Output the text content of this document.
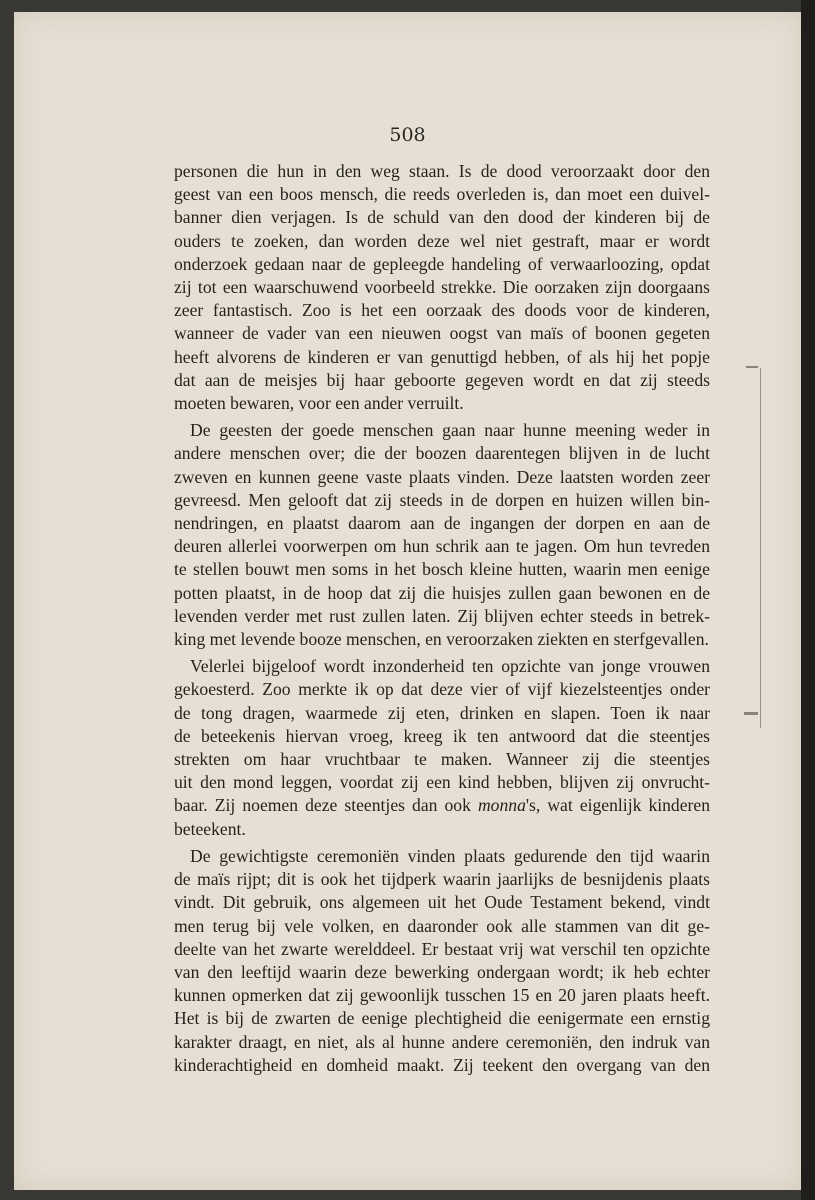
508

personen die hun in den weg staan. Is de dood veroorzaakt door den
geest van een boos mensch, die reeds overleden is, dan moet een duivel-
banner dien verjagen. Is de schuld van den dood der kinderen bij de
ouders te zoeken, dan worden deze wel niet gestraft, maar er wordt
onderzoek gedaan naar de gepleegde handeling of verwaarloozing, opdat
zij tot een waarschuwend voorbeeld strekke. Die oorzaken zijn doorgaans
zeer fantastisch. Zoo is het een oorzaak des doods voor de kinderen,
wanneer de vader van een nieuwen oogst van maïs of boonen gegeten
heeft alvorens de kinderen er van genuttigd hebben, of als hij het popje
dat aan de meisjes bij haar geboorte gegeven wordt en dat zij steeds
moeten bewaren, voor een ander verruilt.

De geesten der goede menschen gaan naar hunne meening weder in
andere menschen over; die der boozen daarentegen blijven in de lucht
zweven en kunnen geene vaste plaats vinden. Deze laatsten worden zeer
gevreesd. Men gelooft dat zij steeds in de dorpen en huizen willen bin-
nendringen, en plaatst daarom aan de ingangen der dorpen en aan de
deuren allerlei voorwerpen om hun schrik aan te jagen. Om hun tevreden
te stellen bouwt men soms in het bosch kleine hutten, waarin men eenige
potten plaatst, in de hoop dat zij die huisjes zullen gaan bewonen en de
levenden verder met rust zullen laten. Zij blijven echter steeds in betrek-
king met levende booze menschen, en veroorzaken ziekten en sterfgevallen.

Velerlei bijgeloof wordt inzonderheid ten opzichte van jonge vrouwen
gekoesterd. Zoo merkte ik op dat deze vier of vijf kiezelsteentjes onder
de tong dragen, waarmede zij eten, drinken en slapen. Toen ik naar
de beteekenis hiervan vroeg, kreeg ik ten antwoord dat die steentjes
strekten om haar vruchtbaar te maken. Wanneer zij die steentjes
uit den mond leggen, voordat zij een kind hebben, blijven zij onvrucht-
baar. Zij noemen deze steentjes dan ook monna's, wat eigenlijk kinderen
beteekent.

De gewichtigste ceremoniën vinden plaats gedurende den tijd waarin
de maïs rijpt; dit is ook het tijdperk waarin jaarlijks de besnijdenis plaats
vindt. Dit gebruik, ons algemeen uit het Oude Testament bekend, vindt
men terug bij vele volken, en daaronder ook alle stammen van dit ge-
deelte van het zwarte werelddeel. Er bestaat vrij wat verschil ten opzichte
van den leeftijd waarin deze bewerking ondergaan wordt; ik heb echter
kunnen opmerken dat zij gewoonlijk tusschen 15 en 20 jaren plaats heeft.
Het is bij de zwarten de eenige plechtigheid die eenigermate een ernstig
karakter draagt, en niet, als al hunne andere ceremoniën, den indruk van
kinderachtigheid en domheid maakt. Zij teekent den overgang van den
